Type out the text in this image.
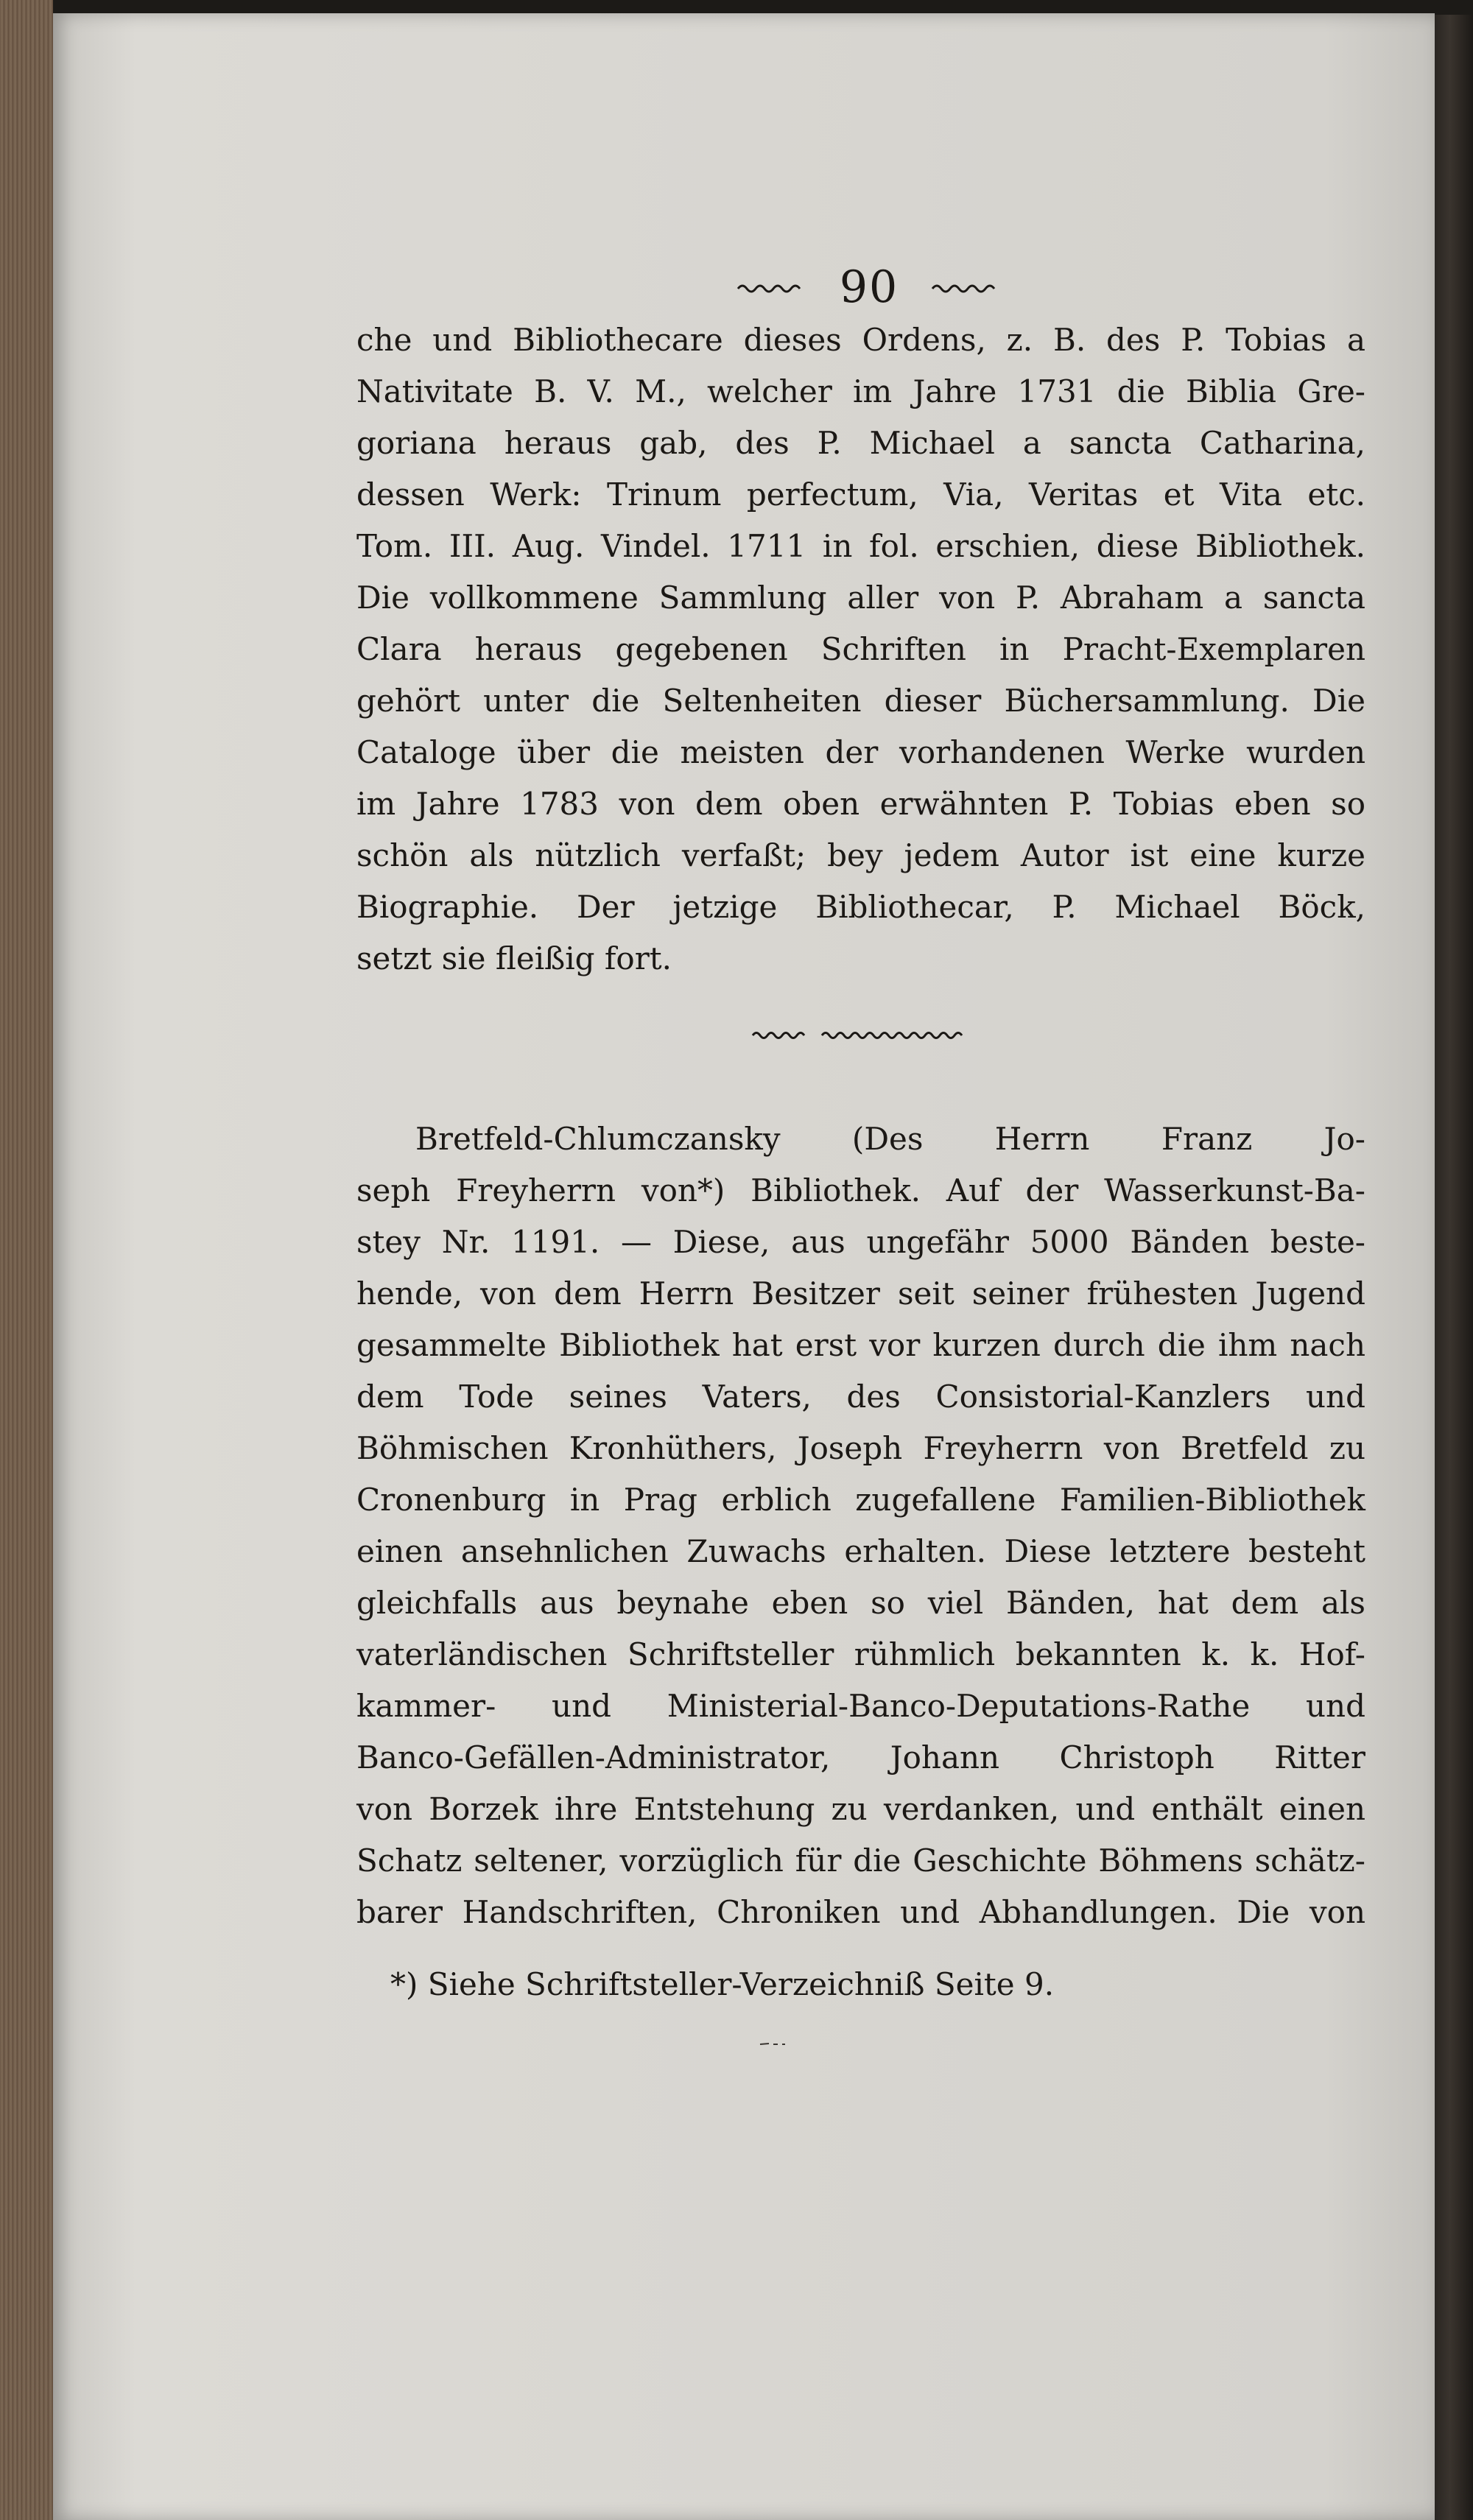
90
che und Bibliothecare dieses Ordens, z. B. des P. Tobias a
Nativitate B. V. M., welcher im Jahre 1731 die Biblia Gre-
goriana heraus gab, des P. Michael a sancta Catharina,
dessen Werk: Trinum perfectum, Via, Veritas et Vita etc.
Tom. III. Aug. Vindel. 1711 in fol. erschien, diese Bibliothek.
Die vollkommene Sammlung aller von P. Abraham a sancta
Clara heraus gegebenen Schriften in Pracht-Exemplaren
gehört unter die Seltenheiten dieser Büchersammlung. Die
Cataloge über die meisten der vorhandenen Werke wurden
im Jahre 1783 von dem oben erwähnten P. Tobias eben so
schön als nützlich verfaßt; bey jedem Autor ist eine kurze
Biographie. Der jetzige Bibliothecar, P. Michael Böck,
setzt sie fleißig fort.
Bretfeld-Chlumczansky (Des Herrn Franz Jo-
seph Freyherrn von*) Bibliothek. Auf der Wasserkunst-Ba-
stey Nr. 1191. — Diese, aus ungefähr 5000 Bänden beste-
hende, von dem Herrn Besitzer seit seiner frühesten Jugend
gesammelte Bibliothek hat erst vor kurzen durch die ihm nach
dem Tode seines Vaters, des Consistorial-Kanzlers und
Böhmischen Kronhüthers, Joseph Freyherrn von Bretfeld zu
Cronenburg in Prag erblich zugefallene Familien-Bibliothek
einen ansehnlichen Zuwachs erhalten. Diese letztere besteht
gleichfalls aus beynahe eben so viel Bänden, hat dem als
vaterländischen Schriftsteller rühmlich bekannten k. k. Hof-
kammer- und Ministerial-Banco-Deputations-Rathe und
Banco-Gefällen-Administrator, Johann Christoph Ritter
von Borzek ihre Entstehung zu verdanken, und enthält einen
Schatz seltener, vorzüglich für die Geschichte Böhmens schätz-
barer Handschriften, Chroniken und Abhandlungen. Die von
*) Siehe Schriftsteller-Verzeichniß Seite 9.
